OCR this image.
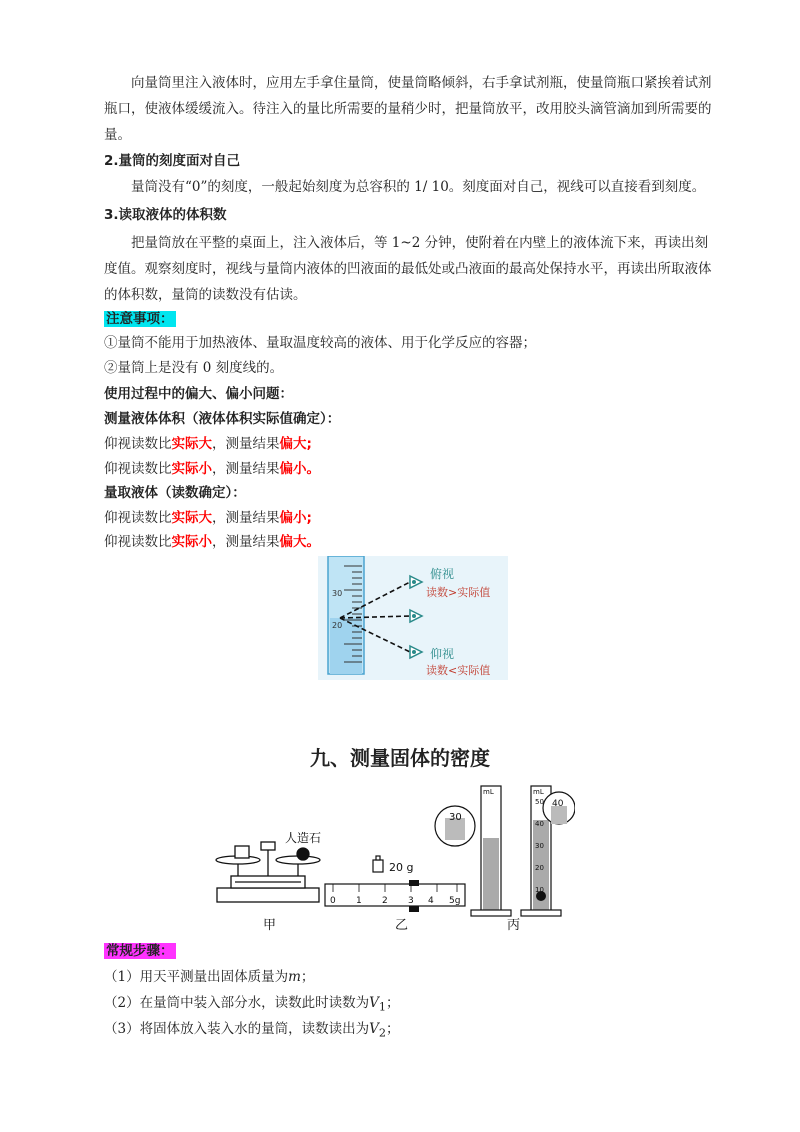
向量筒里注入液体时，应用左手拿住量筒，使量筒略倾斜，右手拿试剂瓶，使量筒瓶口紧挨着试剂瓶口，使液体缓缓流入。待注入的量比所需要的量稍少时，把量筒放平，改用胶头滴管滴加到所需要的量。

2.量筒的刻度面对自己

量筒没有“0”的刻度，一般起始刻度为总容积的 1/ 10。刻度面对自己，视线可以直接看到刻度。

3.读取液体的体积数

把量筒放在平整的桌面上，注入液体后，等 1~2 分钟，使附着在内壁上的液体流下来，再读出刻度值。观察刻度时，视线与量筒内液体的凹液面的最低处或凸液面的最高处保持水平，再读出所取液体的体积数，量筒的读数没有估读。

注意事项：
①量筒不能用于加热液体、量取温度较高的液体、用于化学反应的容器；
②量筒上是没有 0 刻度线的。
使用过程中的偏大、偏小问题：
测量液体体积（液体体积实际值确定）：
仰视读数比实际大，测量结果偏大;
仰视读数比实际小，测量结果偏小。
量取液体（读数确定）：
仰视读数比实际大，测量结果偏小;
仰视读数比实际小，测量结果偏大。
30
20
俯视
读数>实际值
仰视
读数<实际值
九、测量固体的密度
人造石
20 g
0 1 2 3 4 5g
mL
30
mL
50
40
30
20
10
40
甲	乙	丙
常规步骤：
（1）用天平测量出固体质量为m；
（2）在量筒中装入部分水，读数此时读数为$V_1$；
（3）将固体放入装入水的量筒，读数读出为$V_2$；
